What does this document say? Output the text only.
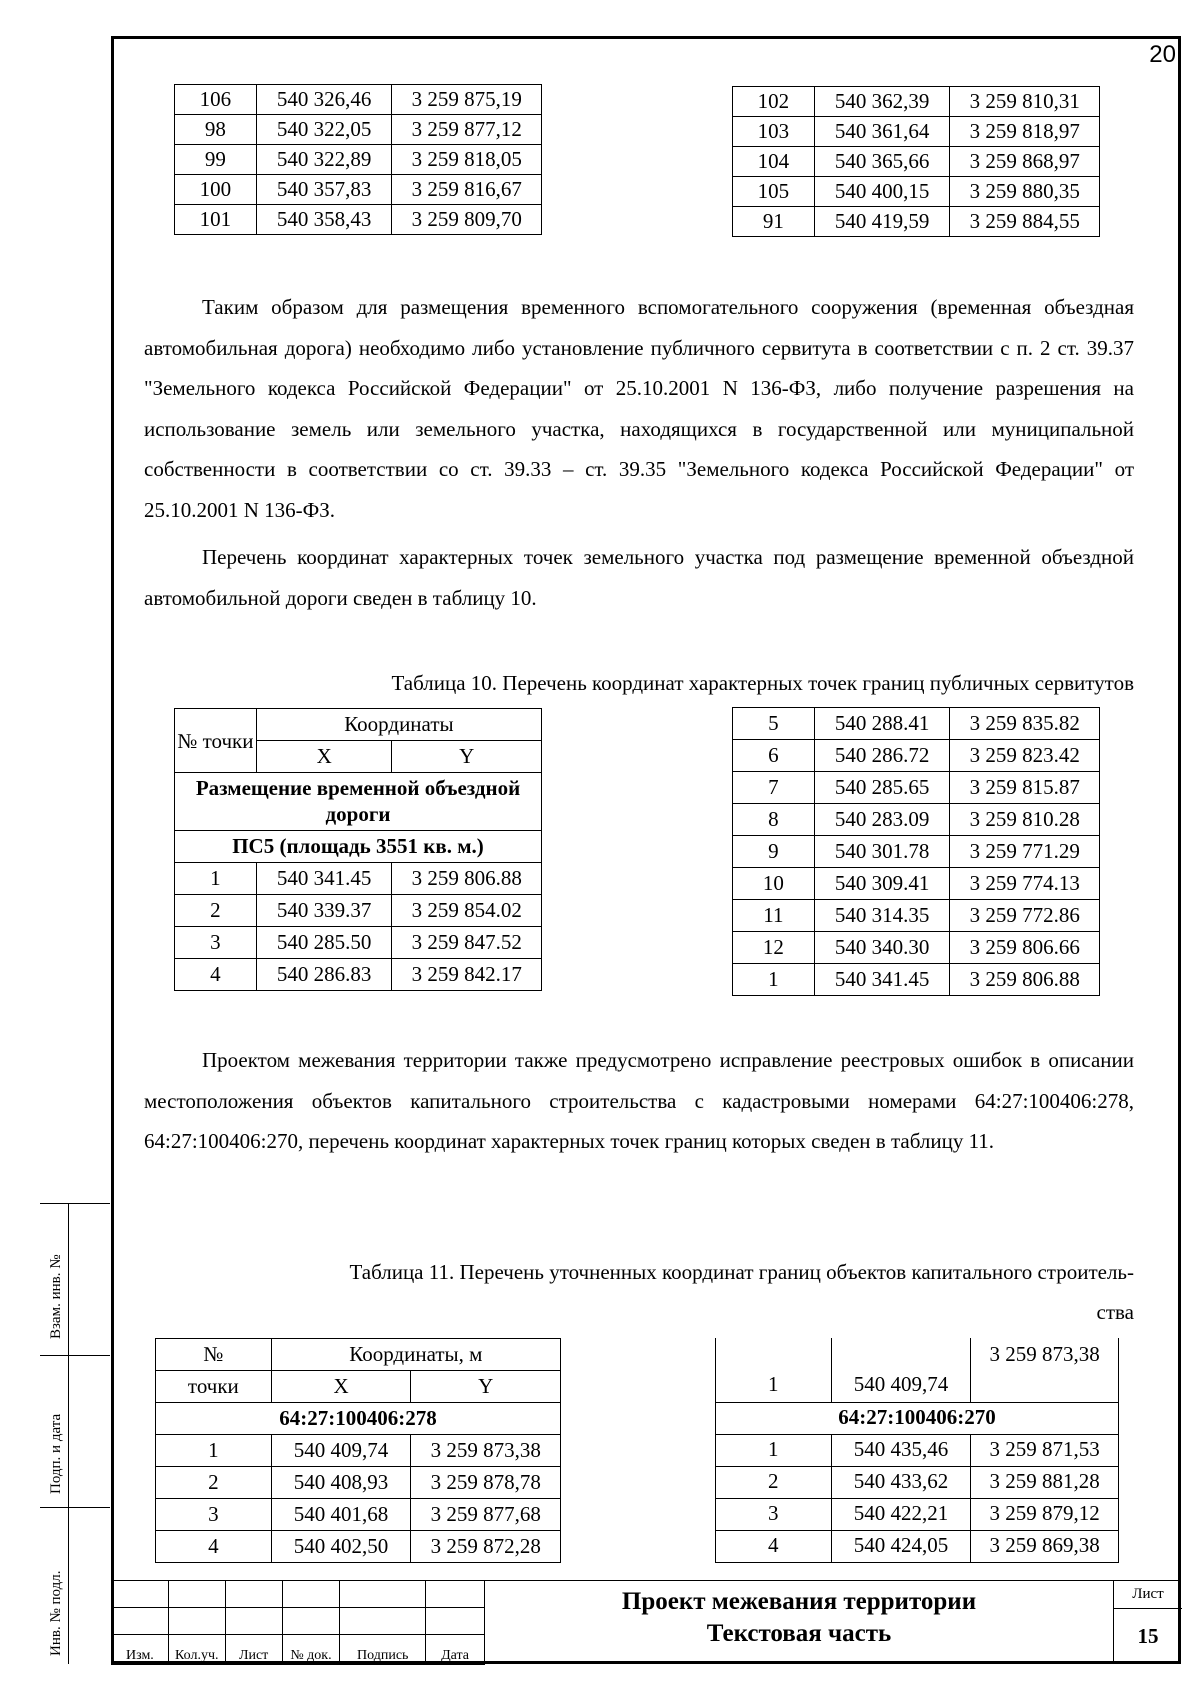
20
106	540 326,46	3 259 875,19
98	540 322,05	3 259 877,12
99	540 322,89	3 259 818,05
100	540 357,83	3 259 816,67
101	540 358,43	3 259 809,70
102	540 362,39	3 259 810,31
103	540 361,64	3 259 818,97
104	540 365,66	3 259 868,97
105	540 400,15	3 259 880,35
91	540 419,59	3 259 884,55

Таким образом для размещения временного вспомогательного сооружения (временная объездная автомобильная дорога) необходимо либо установление публичного сервитута в соответствии с п. 2 ст. 39.37 "Земельного кодекса Российской Федерации" от 25.10.2001 N 136-ФЗ, либо получение разрешения на использование земель или земельного участка, находящихся в государственной или муниципальной собственности в соответствии со ст. 39.33 – ст. 39.35 "Земельного кодекса Российской Федерации" от 25.10.2001 N 136-ФЗ.

Перечень координат характерных точек земельного участка под размещение временной объездной автомобильной дороги сведен в таблицу 10.

Таблица 10. Перечень координат характерных точек границ публичных сервитутов

№ точки	Координаты	
	X	Y
Размещение временной объездной дороги		
ПС5 (площадь 3551 кв. м.)		
1	540 341.45	3 259 806.88
2	540 339.37	3 259 854.02
3	540 285.50	3 259 847.52
4	540 286.83	3 259 842.17
5	540 288.41	3 259 835.82
6	540 286.72	3 259 823.42
7	540 285.65	3 259 815.87
8	540 283.09	3 259 810.28
9	540 301.78	3 259 771.29
10	540 309.41	3 259 774.13
11	540 314.35	3 259 772.86
12	540 340.30	3 259 806.66
1	540 341.45	3 259 806.88

Проектом межевания территории также предусмотрено исправление реестровых ошибок в описании местоположения объектов капитального строительства с кадастровыми номерами 64:27:100406:278, 64:27:100406:270, перечень координат характерных точек границ которых сведен в таблицу 11.

Таблица 11. Перечень уточненных координат границ объектов капитального строитель-

ства

№	Координаты, м	
точки	X	Y
64:27:100406:278		
1	540 409,74	3 259 873,38
2	540 408,93	3 259 878,78
3	540 401,68	3 259 877,68
4	540 402,50	3 259 872,28
1	540 409,74	3 259 873,38
64:27:100406:270		
1	540 435,46	3 259 871,53
2	540 433,62	3 259 881,28
3	540 422,21	3 259 879,12
4	540 424,05	3 259 869,38
Взам. инв. №
Подп. и дата
Инв. № подл.

						Изм.	Кол.уч.	Лист	№ док.	Подпись	Дата
Проект межевания территории
Текстовая часть
Лист
15
